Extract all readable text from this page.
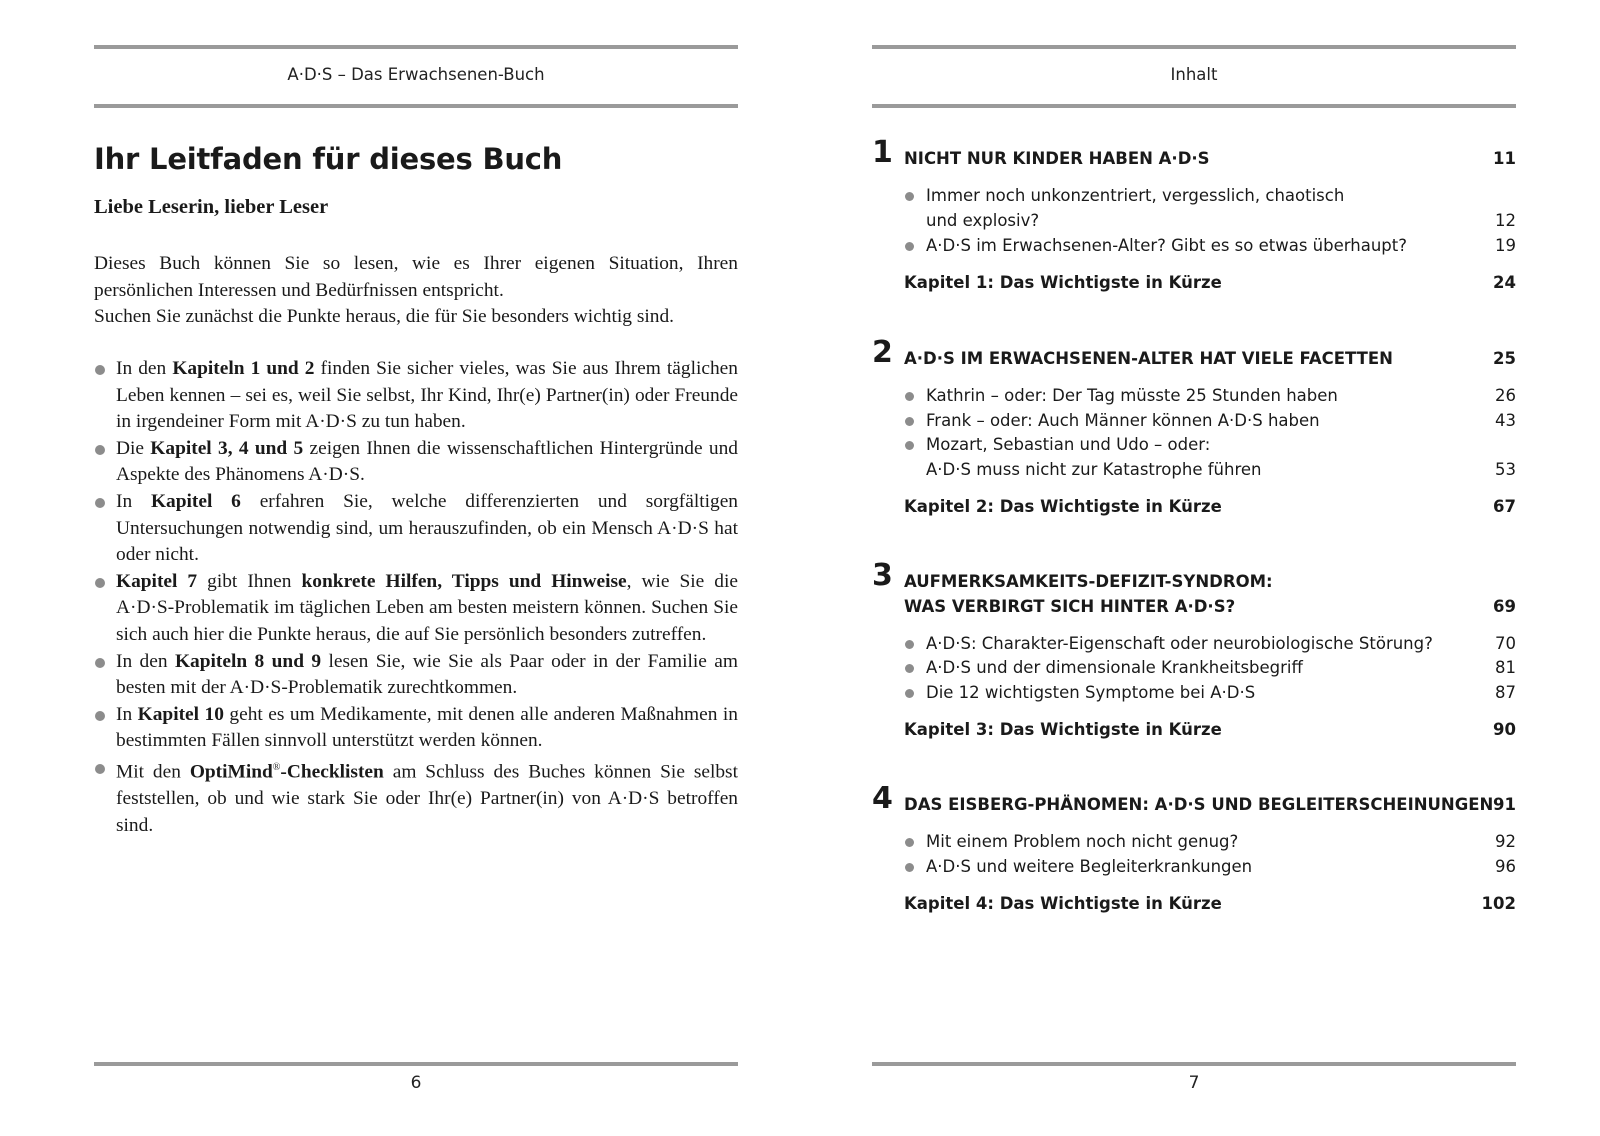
A·D·S – Das Erwachsenen-Buch
Ihr Leitfaden für dieses Buch
Liebe Leserin, lieber Leser
Dieses Buch können Sie so lesen, wie es Ihrer eigenen Situation, Ihren persönlichen Interessen und Bedürfnissen entspricht.
Suchen Sie zunächst die Punkte heraus, die für Sie besonders wichtig sind.
In den Kapiteln 1 und 2 finden Sie sicher vieles, was Sie aus Ihrem täglichen Leben kennen – sei es, weil Sie selbst, Ihr Kind, Ihr(e) Partner(in) oder Freunde in irgendeiner Form mit A·D·S zu tun haben.
Die Kapitel 3, 4 und 5 zeigen Ihnen die wissenschaftlichen Hintergründe und Aspekte des Phänomens A·D·S.
In Kapitel 6 erfahren Sie, welche differenzierten und sorgfältigen Untersuchungen notwendig sind, um herauszufinden, ob ein Mensch A·D·S hat oder nicht.
Kapitel 7 gibt Ihnen konkrete Hilfen, Tipps und Hinweise, wie Sie die A·D·S-Problematik im täglichen Leben am besten meistern können. Suchen Sie sich auch hier die Punkte heraus, die auf Sie persönlich besonders zutreffen.
In den Kapiteln 8 und 9 lesen Sie, wie Sie als Paar oder in der Familie am besten mit der A·D·S-Problematik zurechtkommen.
In Kapitel 10 geht es um Medikamente, mit denen alle anderen Maßnahmen in bestimmten Fällen sinnvoll unterstützt werden können.
Mit den OptiMind®-Checklisten am Schluss des Buches können Sie selbst feststellen, ob und wie stark Sie oder Ihr(e) Partner(in) von A·D·S betroffen sind.
6
Inhalt
1 NICHT NUR KINDER HABEN A·D·S	11
Immer noch unkonzentriert, vergesslich, chaotisch
und explosiv?	12
A·D·S im Erwachsenen-Alter? Gibt es so etwas überhaupt?	19
Kapitel 1: Das Wichtigste in Kürze	24
2 A·D·S IM ERWACHSENEN-ALTER HAT VIELE FACETTEN	25
Kathrin – oder: Der Tag müsste 25 Stunden haben	26
Frank – oder: Auch Männer können A·D·S haben	43
Mozart, Sebastian und Udo – oder:
A·D·S muss nicht zur Katastrophe führen	53
Kapitel 2: Das Wichtigste in Kürze	67
3 AUFMERKSAMKEITS-DEFIZIT-SYNDROM:
WAS VERBIRGT SICH HINTER A·D·S?	69
A·D·S: Charakter-Eigenschaft oder neurobiologische Störung?	70
A·D·S und der dimensionale Krankheitsbegriff	81
Die 12 wichtigsten Symptome bei A·D·S	87
Kapitel 3: Das Wichtigste in Kürze	90
4 DAS EISBERG-PHÄNOMEN: A·D·S UND BEGLEITERSCHEINUNGEN 91
Mit einem Problem noch nicht genug?	92
A·D·S und weitere Begleiterkrankungen	96
Kapitel 4: Das Wichtigste in Kürze	102
7
